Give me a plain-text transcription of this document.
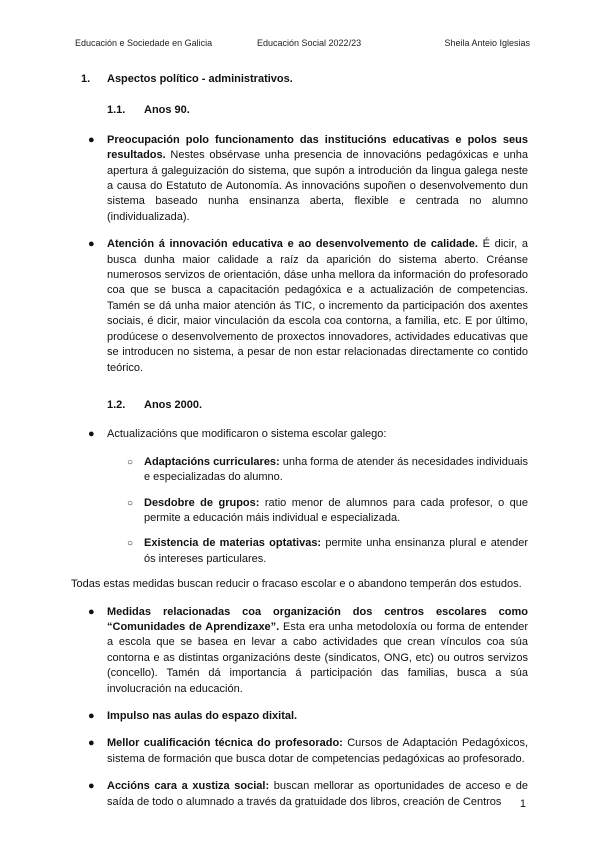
Educación e Sociedade en Galicia	Educación Social 2022/23	Sheila Anteio Iglesias
1. Aspectos político - administrativos.
1.1. Anos 90.
● Preocupación polo funcionamento das institucións educativas e polos seus resultados. Nestes obsérvase unha presencia de innovacións pedagóxicas e unha apertura á galeguización do sistema, que supón a introdución da lingua galega neste a causa do Estatuto de Autonomía. As innovacións supoñen o desenvolvemento dun sistema baseado nunha ensinanza aberta, flexible e centrada no alumno (individualizada).
● Atención á innovación educativa e ao desenvolvemento de calidade. É dicir, a busca dunha maior calidade a raíz da aparición do sistema aberto. Créanse numerosos servizos de orientación, dáse unha mellora da información do profesorado coa que se busca a capacitación pedagóxica e a actualización de competencias. Tamén se dá unha maior atención ás TIC, o incremento da participación dos axentes sociais, é dicir, maior vinculación da escola coa contorna, a familia, etc. E por último, prodúcese o desenvolvemento de proxectos innovadores, actividades educativas que se introducen no sistema, a pesar de non estar relacionadas directamente co contido teórico.
1.2. Anos 2000.
● Actualizacións que modificaron o sistema escolar galego:
○ Adaptacións curriculares: unha forma de atender ás necesidades individuais e especializadas do alumno.
○ Desdobre de grupos: ratio menor de alumnos para cada profesor, o que permite a educación máis individual e especializada.
○ Existencia de materias optativas: permite unha ensinanza plural e atender ós intereses particulares.

Todas estas medidas buscan reducir o fracaso escolar e o abandono temperán dos estudos.

● Medidas relacionadas coa organización dos centros escolares como “Comunidades de Aprendizaxe”. Esta era unha metodoloxía ou forma de entender a escola que se basea en levar a cabo actividades que crean vínculos coa súa contorna e as distintas organizacións deste (sindicatos, ONG, etc) ou outros servizos (concello). Tamén dá importancia á participación das familias, busca a súa involucración na educación.
● Impulso nas aulas do espazo dixital.
● Mellor cualificación técnica do profesorado: Cursos de Adaptación Pedagóxicos, sistema de formación que busca dotar de competencias pedagóxicas ao profesorado.
● Accións cara a xustiza social: buscan mellorar as oportunidades de acceso e de saída de todo o alumnado a través da gratuidade dos libros, creación de Centros	1
